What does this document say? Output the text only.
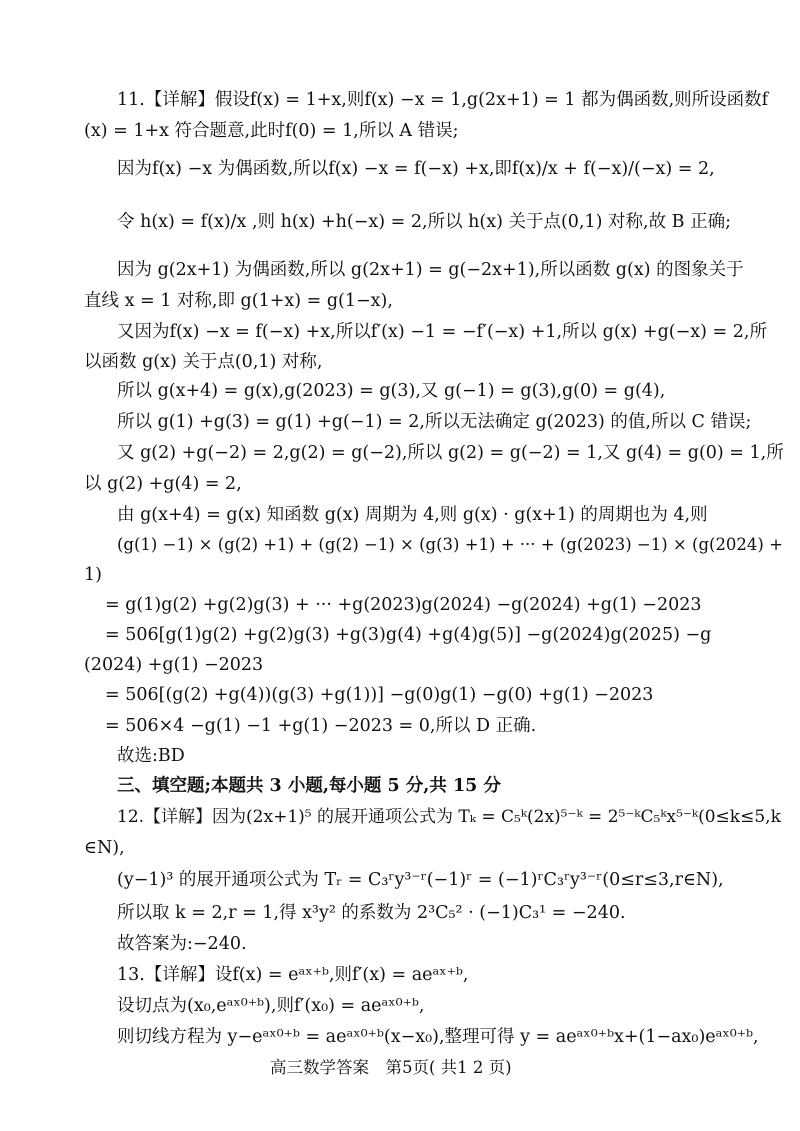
11.【详解】假设f(x) = 1+x,则f(x) −x = 1,g(2x+1) = 1 都为偶函数,则所设函数f
(x) = 1+x 符合题意,此时f(0) = 1,所以 A 错误;
因为f(x) −x 为偶函数,所以f(x) −x = f(−x) +x,即f(x)/x + f(−x)/(−x) = 2,
令 h(x) = f(x)/x ,则 h(x) +h(−x) = 2,所以 h(x) 关于点(0,1) 对称,故 B 正确;
因为 g(2x+1) 为偶函数,所以 g(2x+1) = g(−2x+1),所以函数 g(x) 的图象关于
直线 x = 1 对称,即 g(1+x) = g(1−x),
又因为f(x) −x = f(−x) +x,所以f′(x) −1 = −f′(−x) +1,所以 g(x) +g(−x) = 2,所
以函数 g(x) 关于点(0,1) 对称,
所以 g(x+4) = g(x),g(2023) = g(3),又 g(−1) = g(3),g(0) = g(4),
所以 g(1) +g(3) = g(1) +g(−1) = 2,所以无法确定 g(2023) 的值,所以 C 错误;
又 g(2) +g(−2) = 2,g(2) = g(−2),所以 g(2) = g(−2) = 1,又 g(4) = g(0) = 1,所
以 g(2) +g(4) = 2,
由 g(x+4) = g(x) 知函数 g(x) 周期为 4,则 g(x) · g(x+1) 的周期也为 4,则
(g(1) −1) × (g(2) +1) + (g(2) −1) × (g(3) +1) + ··· + (g(2023) −1) × (g(2024) +
1)
= g(1)g(2) +g(2)g(3) + ··· +g(2023)g(2024) −g(2024) +g(1) −2023
= 506[g(1)g(2) +g(2)g(3) +g(3)g(4) +g(4)g(5)] −g(2024)g(2025) −g
(2024) +g(1) −2023
= 506[(g(2) +g(4))(g(3) +g(1))] −g(0)g(1) −g(0) +g(1) −2023
= 506×4 −g(1) −1 +g(1) −2023 = 0,所以 D 正确.
故选:BD
三、填空题;本题共 3 小题,每小题 5 分,共 15 分
12.【详解】因为(2x+1)⁵ 的展开通项公式为 Tₖ = C₅ᵏ(2x)⁵⁻ᵏ = 2⁵⁻ᵏC₅ᵏx⁵⁻ᵏ(0≤k≤5,k
∈N),
(y−1)³ 的展开通项公式为 Tᵣ = C₃ʳy³⁻ʳ(−1)ʳ = (−1)ʳC₃ʳy³⁻ʳ(0≤r≤3,r∈N),
所以取 k = 2,r = 1,得 x³y² 的系数为 2³C₅² · (−1)C₃¹ = −240.
故答案为:−240.
13.【详解】设f(x) = eᵃˣ⁺ᵇ,则f′(x) = aeᵃˣ⁺ᵇ,
设切点为(x₀,eᵃˣ⁰⁺ᵇ),则f′(x₀) = aeᵃˣ⁰⁺ᵇ,
则切线方程为 y−eᵃˣ⁰⁺ᵇ = aeᵃˣ⁰⁺ᵇ(x−x₀),整理可得 y = aeᵃˣ⁰⁺ᵇx+(1−ax₀)eᵃˣ⁰⁺ᵇ,
高三数学答案　第5页( 共1 2 页)
